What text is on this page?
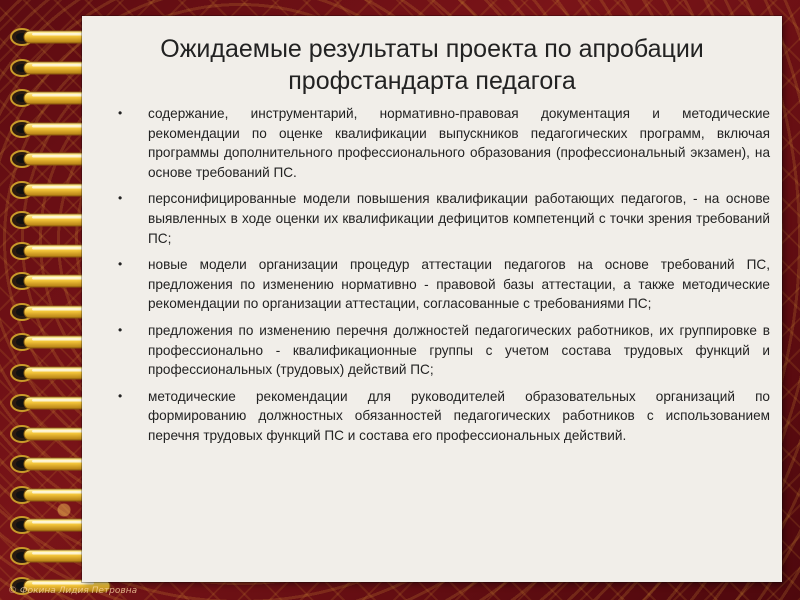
Ожидаемые результаты проекта по апробации
профстандарта педагога
• содержание, инструментарий, нормативно-правовая документация и методические рекомендации по оценке квалификации выпускников педагогических программ, включая программы дополнительного профессионального образования (профессиональный экзамен), на основе требований ПС.
• персонифицированные модели повышения квалификации работающих педагогов, - на основе выявленных в ходе оценки их квалификации дефицитов компетенций с точки зрения требований ПС;
• новые модели организации процедур аттестации педагогов на основе требований ПС, предложения по изменению нормативно - правовой базы аттестации, а также методические рекомендации по организации аттестации, согласованные с требованиями ПС;
• предложения по изменению перечня должностей педагогических работников, их группировке в профессионально - квалификационные группы с учетом состава трудовых функций и профессиональных (трудовых) действий ПС;
• методические рекомендации для руководителей образовательных организаций по формированию должностных обязанностей педагогических работников с использованием перечня трудовых функций ПС и состава его профессиональных действий.
© Фокина Лидия Петровна
